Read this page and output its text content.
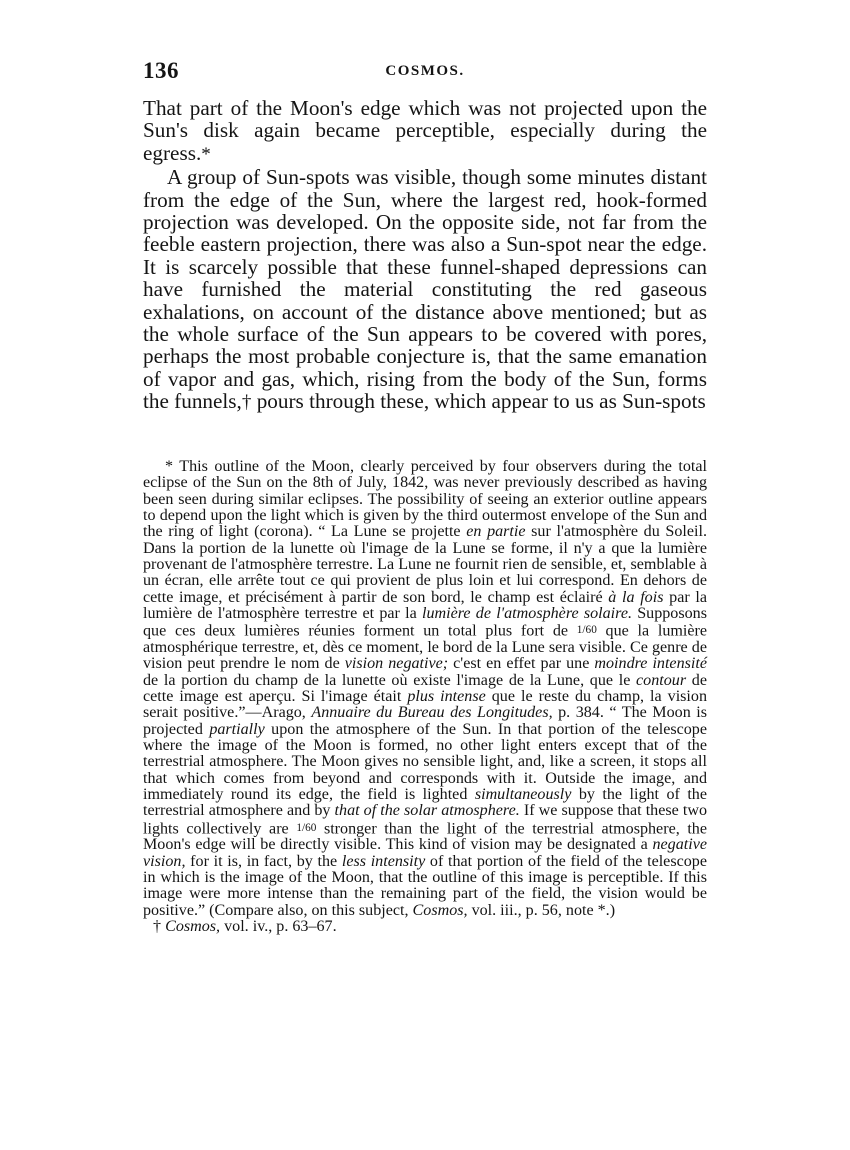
136	COSMOS.

That part of the Moon's edge which was not projected upon the Sun's disk again became perceptible, especially during the egress.*

A group of Sun-spots was visible, though some minutes distant from the edge of the Sun, where the largest red, hook-formed projection was developed. On the opposite side, not far from the feeble eastern projection, there was also a Sun-spot near the edge. It is scarcely possible that these funnel-shaped depressions can have furnished the material constituting the red gaseous exhalations, on account of the distance above mentioned; but as the whole surface of the Sun appears to be covered with pores, perhaps the most probable conjecture is, that the same emanation of vapor and gas, which, rising from the body of the Sun, forms the funnels,† pours through these, which appear to us as Sun-spots

* This outline of the Moon, clearly perceived by four observers during the total eclipse of the Sun on the 8th of July, 1842, was never previously described as having been seen during similar eclipses. The possibility of seeing an exterior outline appears to depend upon the light which is given by the third outermost envelope of the Sun and the ring of light (corona). “ La Lune se projette en partie sur l'atmosphère du Soleil. Dans la portion de la lunette où l'image de la Lune se forme, il n'y a que la lumière provenant de l'atmosphère terrestre. La Lune ne fournit rien de sensible, et, semblable à un écran, elle arrête tout ce qui provient de plus loin et lui correspond. En dehors de cette image, et précisément à partir de son bord, le champ est éclairé à la fois par la lumière de l'atmosphère terrestre et par la lumière de l'atmosphère solaire. Supposons que ces deux lumières réunies forment un total plus fort de 1/60 que la lumière atmosphérique terrestre, et, dès ce moment, le bord de la Lune sera visible. Ce genre de vision peut prendre le nom de vision negative; c'est en effet par une moindre intensité de la portion du champ de la lunette où existe l'image de la Lune, que le contour de cette image est aperçu. Si l'image était plus intense que le reste du champ, la vision serait positive.”—Arago, Annuaire du Bureau des Longitudes, p. 384. “ The Moon is projected partially upon the atmosphere of the Sun. In that portion of the telescope where the image of the Moon is formed, no other light enters except that of the terrestrial atmosphere. The Moon gives no sensible light, and, like a screen, it stops all that which comes from beyond and corresponds with it. Outside the image, and immediately round its edge, the field is lighted simultaneously by the light of the terrestrial atmosphere and by that of the solar atmosphere. If we suppose that these two lights collectively are 1/60 stronger than the light of the terrestrial atmosphere, the Moon's edge will be directly visible. This kind of vision may be designated a negative vision, for it is, in fact, by the less intensity of that portion of the field of the telescope in which is the image of the Moon, that the outline of this image is perceptible. If this image were more intense than the remaining part of the field, the vision would be positive.” (Compare also, on this subject, Cosmos, vol. iii., p. 56, note *.)

† Cosmos, vol. iv., p. 63–67.
